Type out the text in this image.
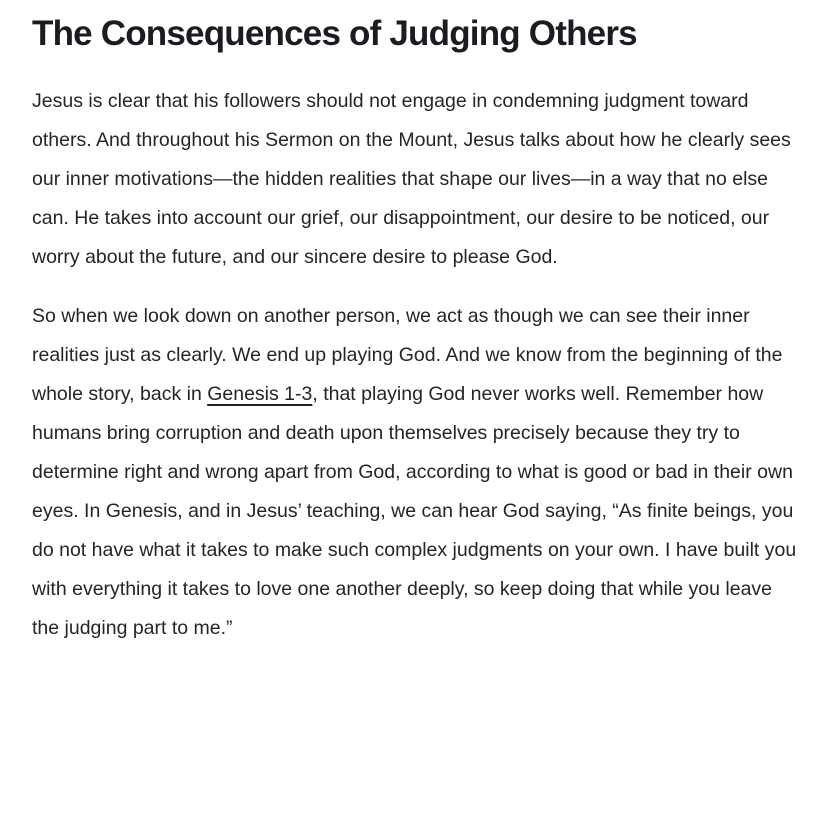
The Consequences of Judging Others

Jesus is clear that his followers should not engage in condemning judgment toward others. And throughout his Sermon on the Mount, Jesus talks about how he clearly sees our inner motivations—the hidden realities that shape our lives—in a way that no else can. He takes into account our grief, our disappointment, our desire to be noticed, our worry about the future, and our sincere desire to please God.

So when we look down on another person, we act as though we can see their inner realities just as clearly. We end up playing God. And we know from the beginning of the whole story, back in Genesis 1-3, that playing God never works well. Remember how humans bring corruption and death upon themselves precisely because they try to determine right and wrong apart from God, according to what is good or bad in their own eyes. In Genesis, and in Jesus’ teaching, we can hear God saying, “As finite beings, you do not have what it takes to make such complex judgments on your own. I have built you with everything it takes to love one another deeply, so keep doing that while you leave the judging part to me.”
